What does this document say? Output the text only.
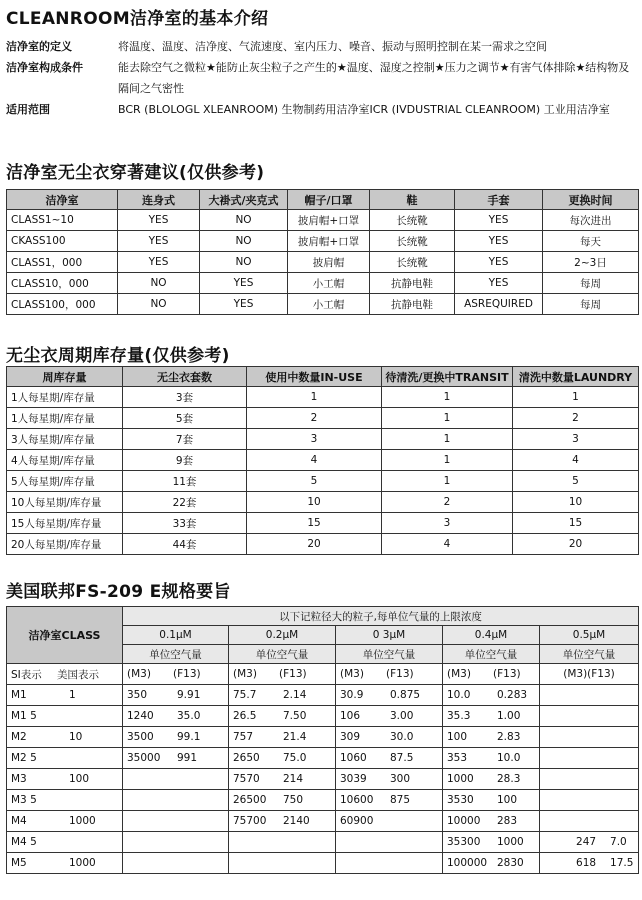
CLEANROOM洁净室的基本介绍
洁净室的定义	将温度、温度、洁净度、气流速度、室内压力、噪音、振动与照明控制在某一需求之空间
洁净室构成条件	能去除空气之微粒★能防止灰尘粒子之产生的★温度、湿度之控制★压力之调节★有害气体排除★结构物及隔间之气密性
适用范围	BCR (BLOLOGL XLEANROOM) 生物制药用洁净室ICR (IVDUSTRIAL CLEANROOM) 工业用洁净室
洁净室无尘衣穿著建议(仅供参考)
洁净室	连身式	大褂式/夹克式	帽子/口罩	鞋	手套	更换时间
CLASS1~10	YES	NO	披肩帽+口罩	长统靴	YES	每次进出
CKASS100	YES	NO	披肩帽+口罩	长统靴	YES	每天
CLASS1，000	YES	NO	披肩帽	长统靴	YES	2~3日
CLASS10，000	NO	YES	小工帽	抗静电鞋	YES	每周
CLASS100，000	NO	YES	小工帽	抗静电鞋	ASREQUIRED	每周
无尘衣周期库存量(仅供参考)
周库存量	无尘衣套数	使用中数量IN-USE	待清洗/更换中TRANSIT	清洗中数量LAUNDRY
1人每星期/库存量	3套	1	1	1
1人每星期/库存量	5套	2	1	2
3人每星期/库存量	7套	3	1	3
4人每星期/库存量	9套	4	1	4
5人每星期/库存量	11套	5	1	5
10人每星期/库存量	22套	10	2	10
15人每星期/库存量	33套	15	3	15
20人每星期/库存量	44套	20	4	20
美国联邦FS-209 E规格要旨
洁净室CLASS	以下记粒径大的粒子,每单位气量的上限浓度				
	0.1μM	0.2μM	0 3μM	0.4μM	0.5μM
	单位空气量	单位空气量	单位空气量	单位空气量	单位空气量

SI表示 美国表示	(M3) (F13)	(M3) (F13)	(M3) (F13)	(M3) (F13)	(M3)(F13)

M1 1	350 9.91	75.7 2.14	30.9 0.875	10.0 0.283	

M1 5	1240 35.0	26.5 7.50	106 3.00	35.3 1.00	

M2 10	3500 99.1	757 21.4	309 30.0	100 2.83	

M2 5	35000 991	2650 75.0	1060 87.5	353 10.0	

M3 100		7570 214	3039 300	1000 28.3	

M3 5		26500 750	10600 875	3530 100	

M4 1000		75700 2140	60900	10000 283	

M4 5				35300 1000	247 7.0

M5 1000				100000 2830	618 17.5
